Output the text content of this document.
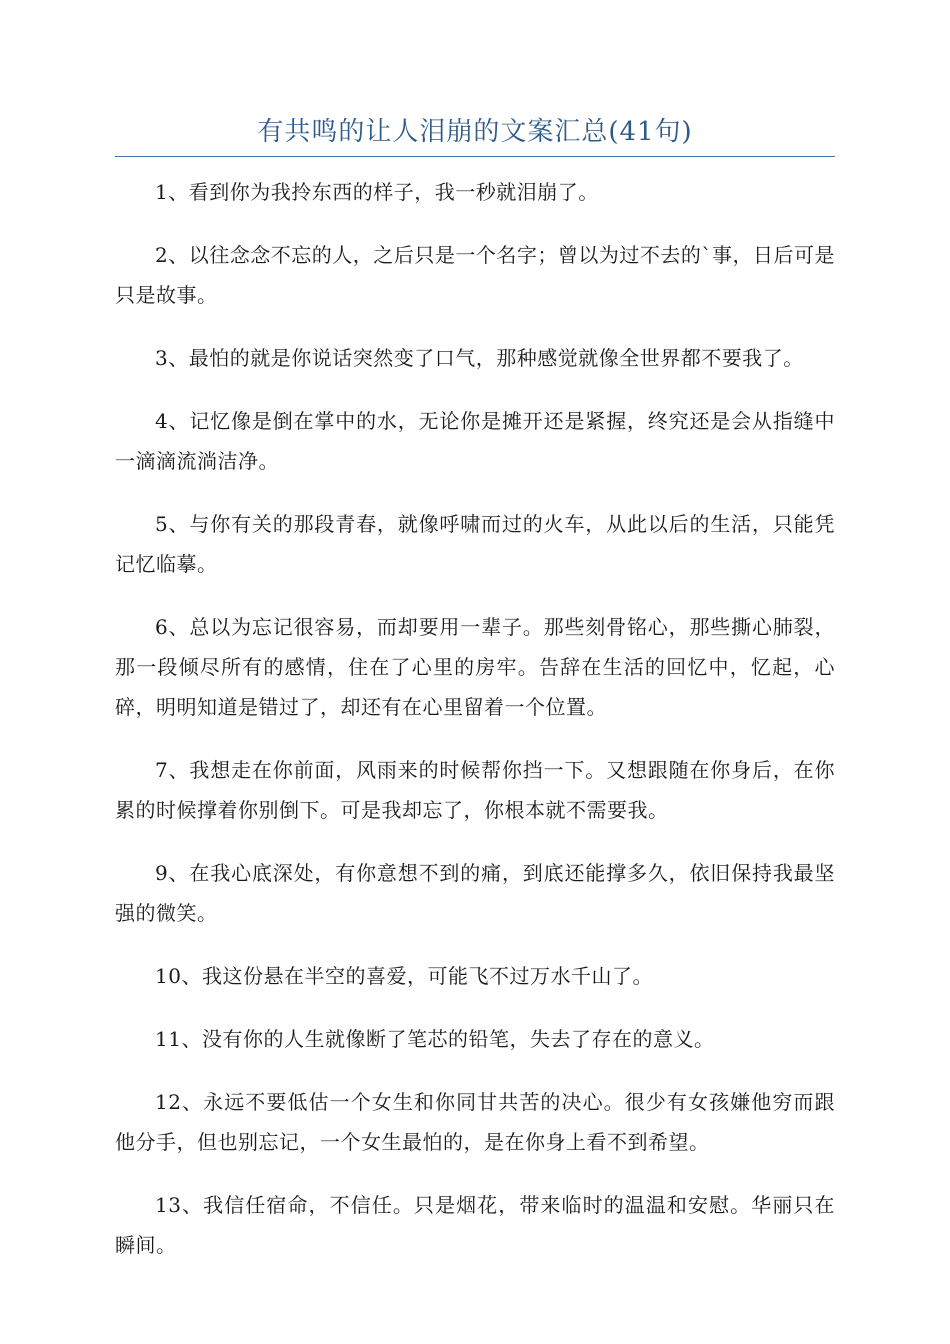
有共鸣的让人泪崩的文案汇总(41句)

1、看到你为我拎东西的样子，我一秒就泪崩了。

2、以往念念不忘的人，之后只是一个名字；曾以为过不去的`事，日后可是只是故事。

3、最怕的就是你说话突然变了口气，那种感觉就像全世界都不要我了。

4、记忆像是倒在掌中的水，无论你是摊开还是紧握，终究还是会从指缝中一滴滴流淌洁净。

5、与你有关的那段青春，就像呼啸而过的火车，从此以后的生活，只能凭记忆临摹。

6、总以为忘记很容易，而却要用一辈子。那些刻骨铭心，那些撕心肺裂，那一段倾尽所有的感情，住在了心里的房牢。告辞在生活的回忆中，忆起，心碎，明明知道是错过了，却还有在心里留着一个位置。

7、我想走在你前面，风雨来的时候帮你挡一下。又想跟随在你身后，在你累的时候撑着你别倒下。可是我却忘了，你根本就不需要我。

9、在我心底深处，有你意想不到的痛，到底还能撑多久，依旧保持我最坚强的微笑。

10、我这份悬在半空的喜爱，可能飞不过万水千山了。

11、没有你的人生就像断了笔芯的铅笔，失去了存在的意义。

12、永远不要低估一个女生和你同甘共苦的决心。很少有女孩嫌他穷而跟他分手，但也别忘记，一个女生最怕的，是在你身上看不到希望。

13、我信任宿命，不信任。只是烟花，带来临时的温温和安慰。华丽只在瞬间。
